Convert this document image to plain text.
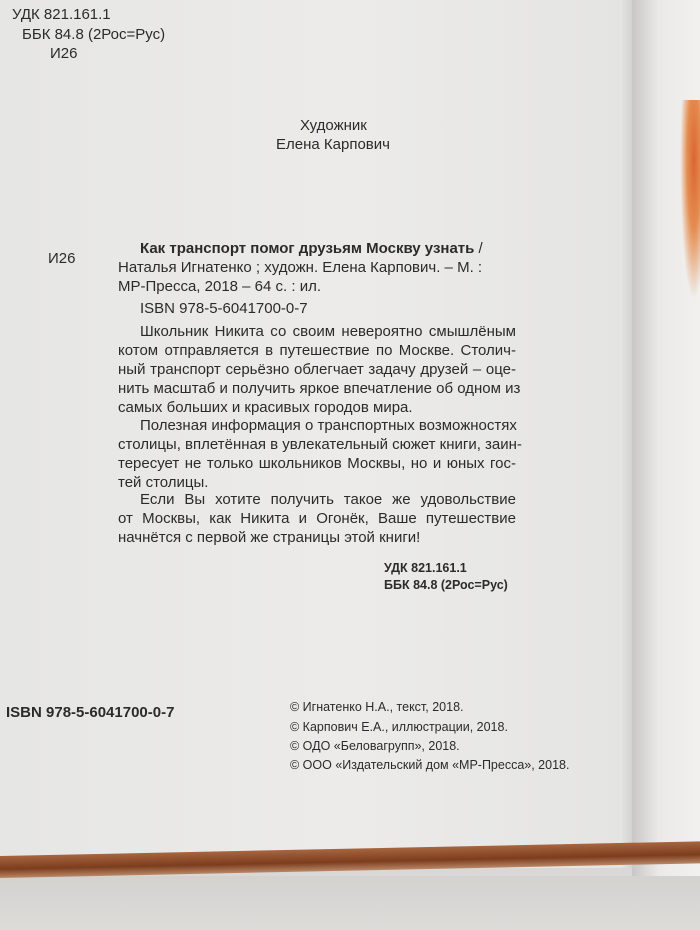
УДК 821.161.1
ББК 84.8 (2Рос=Рус)
И26
Художник
Елена Карпович
И26
Как транспорт помог друзьям Москву узнать /
Наталья Игнатенко ; художн. Елена Карпович. – М. :
МР-Пресса, 2018 – 64 с. : ил.
ISBN 978-5-6041700-0-7
Школьник Никита со своим невероятно смышлёным
котом отправляется в путешествие по Москве. Столич-
ный транспорт серьёзно облегчает задачу друзей – оце-
нить масштаб и получить яркое впечатление об одном из
самых больших и красивых городов мира.
Полезная информация о транспортных возможностях
столицы, вплетённая в увлекательный сюжет книги, заин-
тересует не только школьников Москвы, но и юных гос-
тей столицы.
Если Вы хотите получить такое же удовольствие
от Москвы, как Никита и Огонёк, Ваше путешествие
начнётся с первой же страницы этой книги!
УДК 821.161.1
ББК 84.8 (2Рос=Рус)
ISBN 978-5-6041700-0-7	© Игнатенко Н.А., текст, 2018.
© Карпович Е.А., иллюстрации, 2018.
© ОДО «Беловагрупп», 2018.
© ООО «Издательский дом «МР-Пресса», 2018.
